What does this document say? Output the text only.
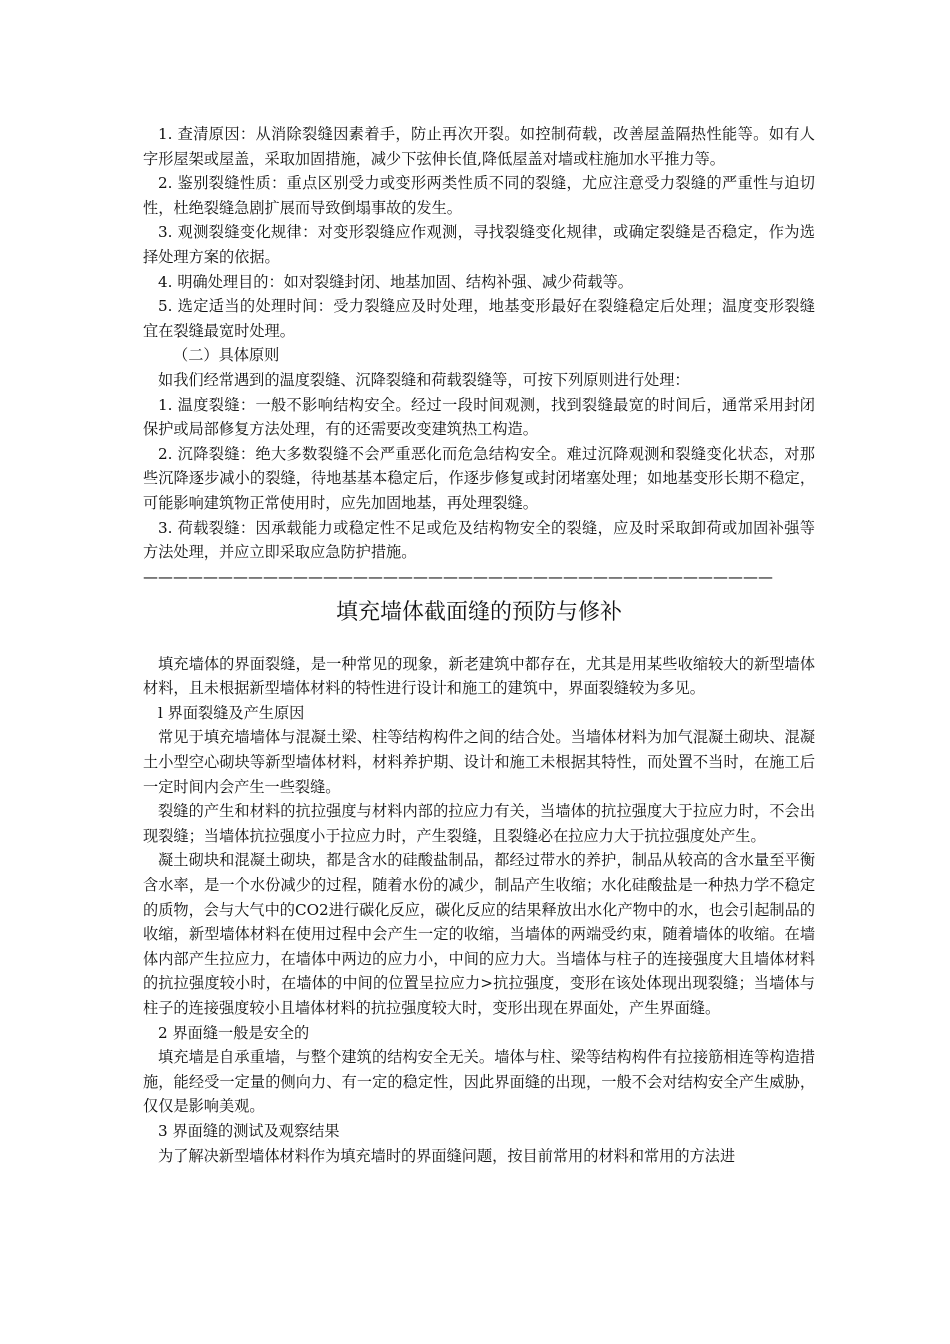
1. 查清原因：从消除裂缝因素着手，防止再次开裂。如控制荷载，改善屋盖隔热性能等。如有人字形屋架或屋盖，采取加固措施，减少下弦伸长值,降低屋盖对墙或柱施加水平推力等。

2. 鉴别裂缝性质：重点区别受力或变形两类性质不同的裂缝，尤应注意受力裂缝的严重性与迫切性，杜绝裂缝急剧扩展而导致倒塌事故的发生。

3. 观测裂缝变化规律：对变形裂缝应作观测，寻找裂缝变化规律，或确定裂缝是否稳定，作为选择处理方案的依据。

4. 明确处理目的：如对裂缝封闭、地基加固、结构补强、减少荷载等。

5. 选定适当的处理时间：受力裂缝应及时处理，地基变形最好在裂缝稳定后处理；温度变形裂缝宜在裂缝最宽时处理。

（二）具体原则

如我们经常遇到的温度裂缝、沉降裂缝和荷载裂缝等，可按下列原则进行处理：

1. 温度裂缝：一般不影响结构安全。经过一段时间观测，找到裂缝最宽的时间后，通常采用封闭保护或局部修复方法处理，有的还需要改变建筑热工构造。

2. 沉降裂缝：绝大多数裂缝不会严重恶化而危急结构安全。难过沉降观测和裂缝变化状态，对那些沉降逐步减小的裂缝，待地基基本稳定后，作逐步修复或封闭堵塞处理；如地基变形长期不稳定，可能影响建筑物正常使用时，应先加固地基，再处理裂缝。

3. 荷载裂缝：因承载能力或稳定性不足或危及结构物安全的裂缝，应及时采取卸荷或加固补强等方法处理，并应立即采取应急防护措施。

——————————————————————————————————————————
填充墙体截面缝的预防与修补

填充墙体的界面裂缝，是一种常见的现象，新老建筑中都存在，尤其是用某些收缩较大的新型墙体材料，且未根据新型墙体材料的特性进行设计和施工的建筑中，界面裂缝较为多见。

l 界面裂缝及产生原因

常见于填充墙墙体与混凝土梁、柱等结构构件之间的结合处。当墙体材料为加气混凝土砌块、混凝土小型空心砌块等新型墙体材料，材料养护期、设计和施工未根据其特性，而处置不当时，在施工后一定时间内会产生一些裂缝。

裂缝的产生和材料的抗拉强度与材料内部的拉应力有关，当墙体的抗拉强度大于拉应力时，不会出现裂缝；当墙体抗拉强度小于拉应力时，产生裂缝，且裂缝必在拉应力大于抗拉强度处产生。

凝土砌块和混凝土砌块，都是含水的硅酸盐制品，都经过带水的养护，制品从较高的含水量至平衡含水率，是一个水份减少的过程，随着水份的减少，制品产生收缩；水化硅酸盐是一种热力学不稳定的质物，会与大气中的CO2进行碳化反应，碳化反应的结果释放出水化产物中的水，也会引起制品的收缩，新型墙体材料在使用过程中会产生一定的收缩，当墙体的两端受约束，随着墙体的收缩。在墙体内部产生拉应力，在墙体中两边的应力小，中间的应力大。当墙体与柱子的连接强度大且墙体材料的抗拉强度较小时，在墙体的中间的位置呈拉应力>抗拉强度，变形在该处体现出现裂缝；当墙体与柱子的连接强度较小且墙体材料的抗拉强度较大时，变形出现在界面处，产生界面缝。

2 界面缝一般是安全的

填充墙是自承重墙，与整个建筑的结构安全无关。墙体与柱、梁等结构构件有拉接筋相连等构造措施，能经受一定量的侧向力、有一定的稳定性，因此界面缝的出现，一般不会对结构安全产生威胁，仅仅是影响美观。

3 界面缝的测试及观察结果

为了解决新型墙体材料作为填充墙时的界面缝问题，按目前常用的材料和常用的方法进
